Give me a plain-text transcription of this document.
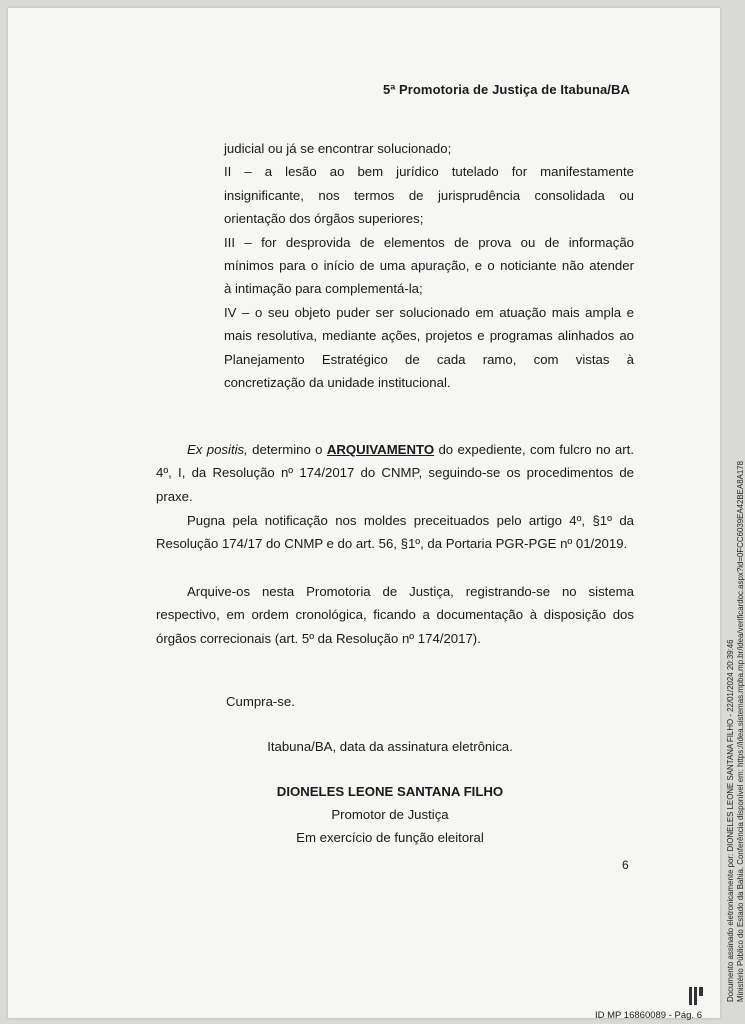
5ª Promotoria de Justiça de Itabuna/BA

judicial ou já se encontrar solucionado;

II – a lesão ao bem jurídico tutelado for manifestamente

insignificante, nos termos de jurisprudência consolidada ou

orientação dos órgãos superiores;

III – for desprovida de elementos de prova ou de informação

mínimos para o início de uma apuração, e o noticiante não atender

à intimação para complementá-la;

IV – o seu objeto puder ser solucionado em atuação mais ampla e

mais resolutiva, mediante ações, projetos e programas alinhados ao

Planejamento Estratégico de cada ramo, com vistas à

concretização da unidade institucional.

Ex positis, determino o ARQUIVAMENTO do expediente, com fulcro no art. 4º, I, da Resolução nº 174/2017 do CNMP, seguindo-se os procedimentos de praxe.

Pugna pela notificação nos moldes preceituados pelo artigo 4º, §1º da Resolução 174/17 do CNMP e do art. 56, §1º, da Portaria PGR-PGE nº 01/2019.

Arquive-os nesta Promotoria de Justiça, registrando-se no sistema respectivo, em ordem cronológica, ficando a documentação à disposição dos órgãos correcionais (art. 5º da Resolução nº 174/2017).

Cumpra-se.
Itabuna/BA, data da assinatura eletrônica.
DIONELES LEONE SANTANA FILHO
Promotor de Justiça
Em exercício de função eleitoral
6	Documento assinado eletronicamente por: DIONELES LEONE SANTANA FILHO - 22/01/2024 20:39:46 Ministério Público do Estado da Bahia. Conferência disponível em: https://idea.sistemas.mpba.mp.br/idea/verificardoc.aspx?id=0FCC6039EA42BEA8A178
ID MP 16860089 - Pág. 6
